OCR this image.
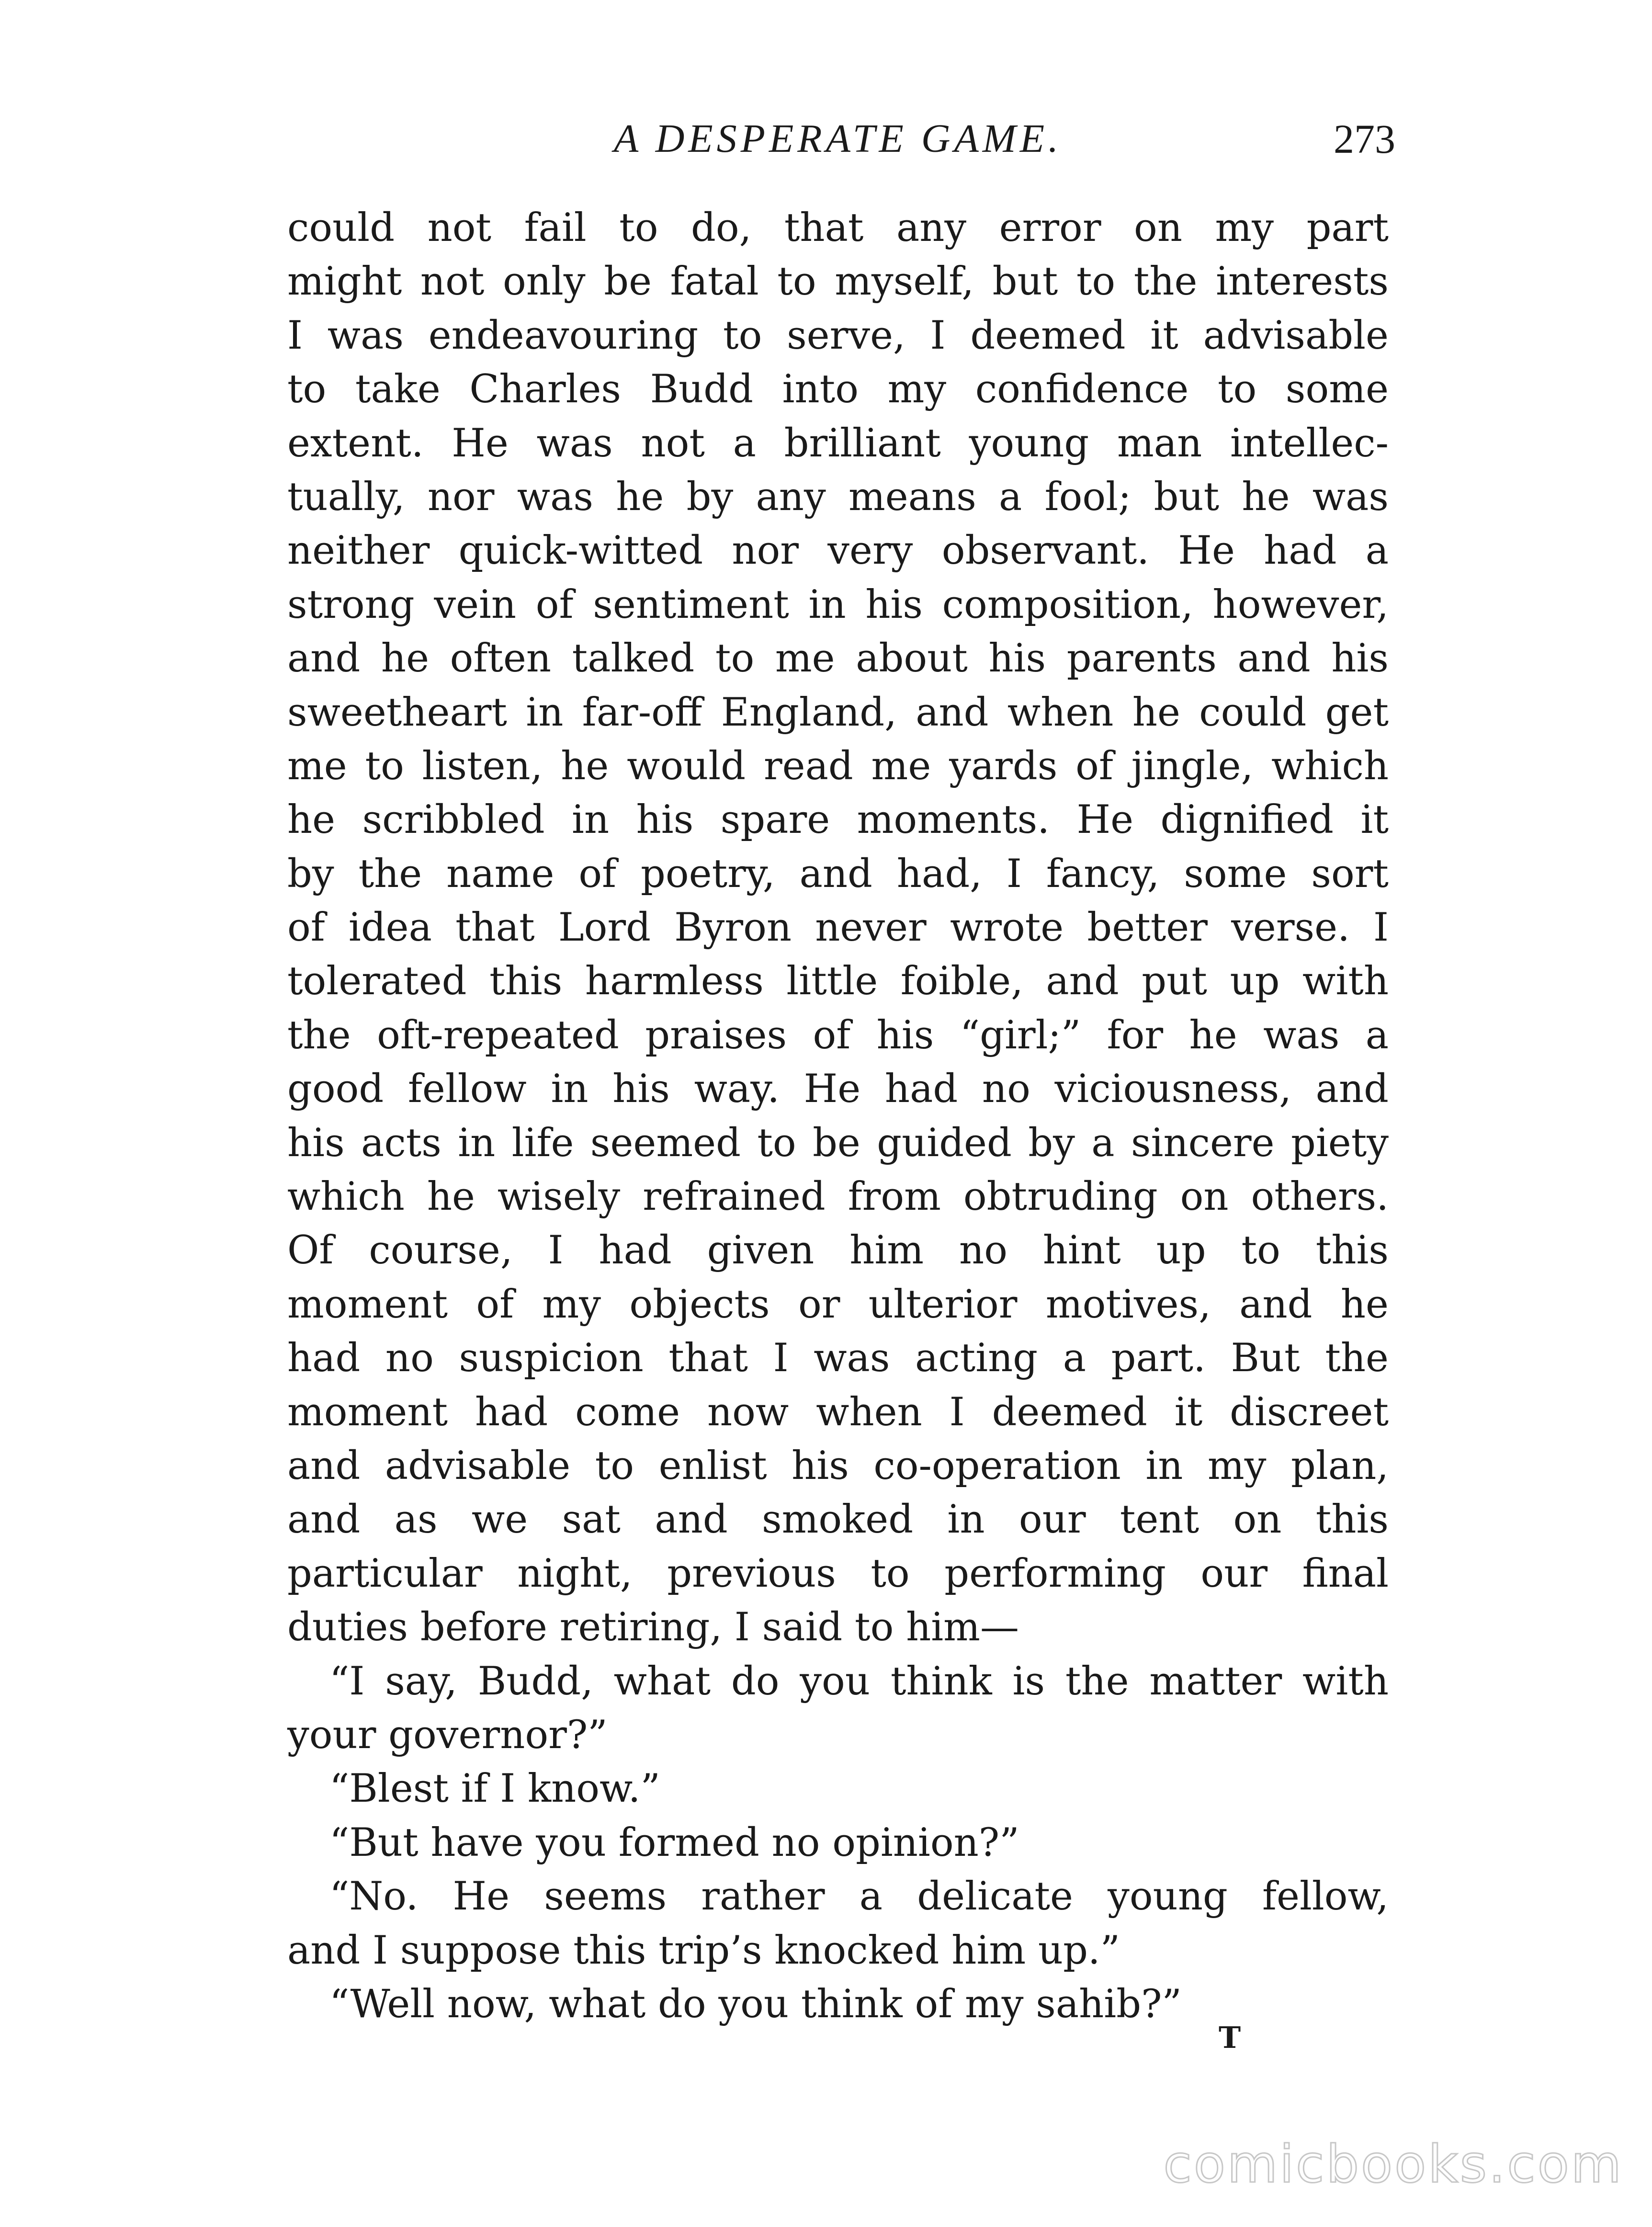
A DESPERATE GAME.	273
could not fail to do, that any error on my part
might not only be fatal to myself, but to the interests
I was endeavouring to serve, I deemed it advisable
to take Charles Budd into my confidence to some
extent. He was not a brilliant young man intellec-
tually, nor was he by any means a fool; but he was
neither quick-witted nor very observant. He had a
strong vein of sentiment in his composition, however,
and he often talked to me about his parents and his
sweetheart in far-off England, and when he could get
me to listen, he would read me yards of jingle, which
he scribbled in his spare moments. He dignified it
by the name of poetry, and had, I fancy, some sort
of idea that Lord Byron never wrote better verse. I
tolerated this harmless little foible, and put up with
the oft-repeated praises of his “girl;” for he was a
good fellow in his way. He had no viciousness, and
his acts in life seemed to be guided by a sincere piety
which he wisely refrained from obtruding on others.
Of course, I had given him no hint up to this
moment of my objects or ulterior motives, and he
had no suspicion that I was acting a part. But the
moment had come now when I deemed it discreet
and advisable to enlist his co-operation in my plan,
and as we sat and smoked in our tent on this
particular night, previous to performing our final
duties before retiring, I said to him—
“I say, Budd, what do you think is the matter with
your governor?”
“Blest if I know.”
“But have you formed no opinion?”
“No. He seems rather a delicate young fellow,
and I suppose this trip’s knocked him up.”
“Well now, what do you think of my sahib?”
T
comicbooks.com
